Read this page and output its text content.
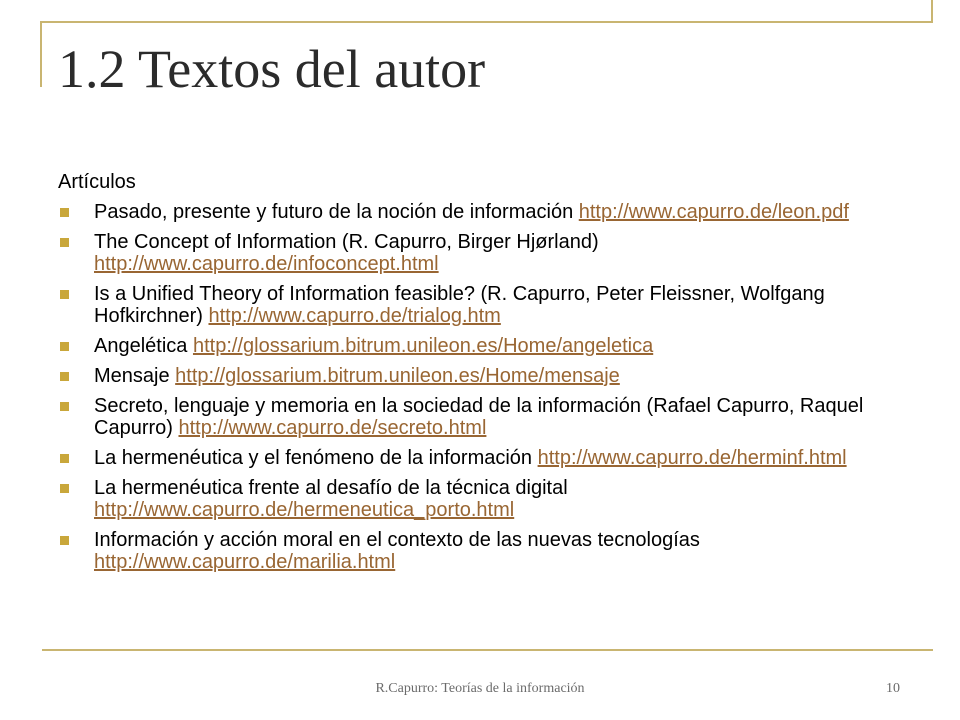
1.2 Textos del autor
Artículos
Pasado, presente y futuro de la noción de información http://www.capurro.de/leon.pdf
The Concept of Information (R. Capurro, Birger Hjørland) http://www.capurro.de/infoconcept.html
Is a Unified Theory of Information feasible? (R. Capurro, Peter Fleissner, Wolfgang Hofkirchner) http://www.capurro.de/trialog.htm
Angelética http://glossarium.bitrum.unileon.es/Home/angeletica
Mensaje http://glossarium.bitrum.unileon.es/Home/mensaje
Secreto, lenguaje y memoria en la sociedad de la información (Rafael Capurro, Raquel Capurro) http://www.capurro.de/secreto.html
La hermenéutica y el fenómeno de la información http://www.capurro.de/herminf.html
La hermenéutica frente al desafío de la técnica digital http://www.capurro.de/hermeneutica_porto.html
Información y acción moral en el contexto de las nuevas tecnologías http://www.capurro.de/marilia.html
R.Capurro: Teorías de la información	10
